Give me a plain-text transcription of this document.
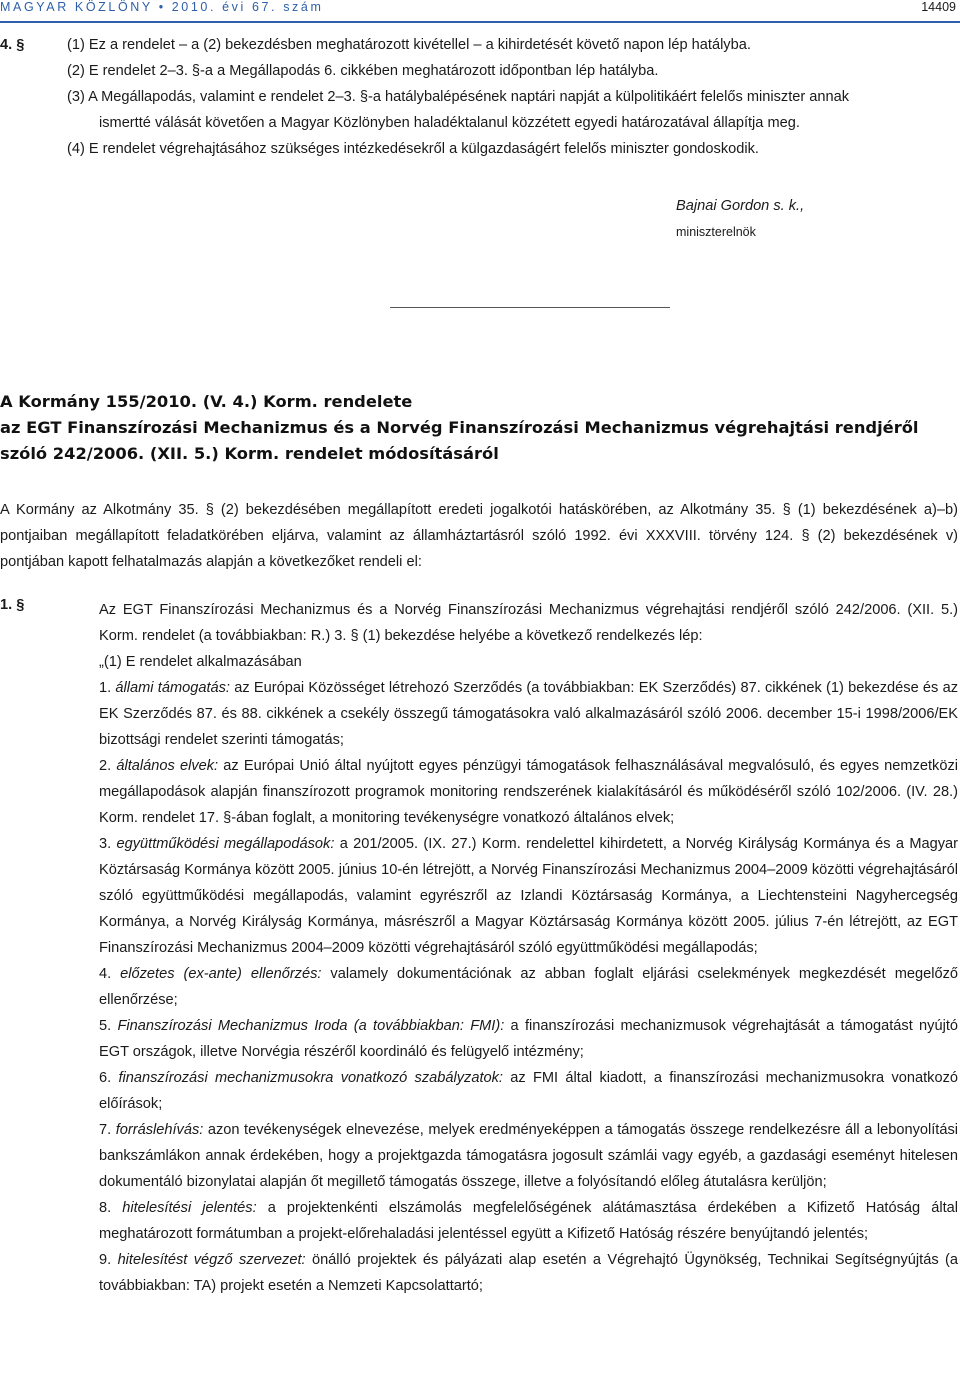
MAGYAR KÖZLÖNY • 2010. évi 67. szám	14409
4. §	(1) Ez a rendelet – a (2) bekezdésben meghatározott kivétellel – a kihirdetését követő napon lép hatályba.
(2) E rendelet 2–3. §-a a Megállapodás 6. cikkében meghatározott időpontban lép hatályba.
(3) A Megállapodás, valamint e rendelet 2–3. §-a hatálybalépésének naptári napját a külpolitikáért felelős miniszter annak
ismertté válását követően a Magyar Közlönyben haladéktalanul közzétett egyedi határozatával állapítja meg.
(4) E rendelet végrehajtásához szükséges intézkedésekről a külgazdaságért felelős miniszter gondoskodik.
Bajnai Gordon s. k.,
miniszterelnök
A Kormány 155/2010. (V. 4.) Korm. rendelete
az EGT Finanszírozási Mechanizmus és a Norvég Finanszírozási Mechanizmus végrehajtási rendjéről
szóló 242/2006. (XII. 5.) Korm. rendelet módosításáról

A Kormány az Alkotmány 35. § (2) bekezdésében megállapított eredeti jogalkotói hatáskörében, az Alkotmány 35. § (1) bekezdésének a)–b) pontjaiban megállapított feladatkörében eljárva, valamint az államháztartásról szóló 1992. évi XXXVIII. törvény 124. § (2) bekezdésének v) pontjában kapott felhatalmazás alapján a következőket rendeli el:

1. §	Az EGT Finanszírozási Mechanizmus és a Norvég Finanszírozási Mechanizmus végrehajtási rendjéről szóló 242/2006. (XII. 5.) Korm. rendelet (a továbbiakban: R.) 3. § (1) bekezdése helyébe a következő rendelkezés lép:

„(1) E rendelet alkalmazásában

1. állami támogatás: az Európai Közösséget létrehozó Szerződés (a továbbiakban: EK Szerződés) 87. cikkének (1) bekezdése és az EK Szerződés 87. és 88. cikkének a csekély összegű támogatásokra való alkalmazásáról szóló 2006. december 15-i 1998/2006/EK bizottsági rendelet szerinti támogatás;

2. általános elvek: az Európai Unió által nyújtott egyes pénzügyi támogatások felhasználásával megvalósuló, és egyes nemzetközi megállapodások alapján finanszírozott programok monitoring rendszerének kialakításáról és működéséről szóló 102/2006. (IV. 28.) Korm. rendelet 17. §-ában foglalt, a monitoring tevékenységre vonatkozó általános elvek;

3. együttműködési megállapodások: a 201/2005. (IX. 27.) Korm. rendelettel kihirdetett, a Norvég Királyság Kormánya és a Magyar Köztársaság Kormánya között 2005. június 10-én létrejött, a Norvég Finanszírozási Mechanizmus 2004–2009 közötti végrehajtásáról szóló együttműködési megállapodás, valamint egyrészről az Izlandi Köztársaság Kormánya, a Liechtensteini Nagyhercegség Kormánya, a Norvég Királyság Kormánya, másrészről a Magyar Köztársaság Kormánya között 2005. július 7-én létrejött, az EGT Finanszírozási Mechanizmus 2004–2009 közötti végrehajtásáról szóló együttműködési megállapodás;

4. előzetes (ex-ante) ellenőrzés: valamely dokumentációnak az abban foglalt eljárási cselekmények megkezdését megelőző ellenőrzése;

5. Finanszírozási Mechanizmus Iroda (a továbbiakban: FMI): a finanszírozási mechanizmusok végrehajtását a támogatást nyújtó EGT országok, illetve Norvégia részéről koordináló és felügyelő intézmény;

6. finanszírozási mechanizmusokra vonatkozó szabályzatok: az FMI által kiadott, a finanszírozási mechanizmusokra vonatkozó előírások;

7. forráslehívás: azon tevékenységek elnevezése, melyek eredményeképpen a támogatás összege rendelkezésre áll a lebonyolítási bankszámlákon annak érdekében, hogy a projektgazda támogatásra jogosult számlái vagy egyéb, a gazdasági eseményt hitelesen dokumentáló bizonylatai alapján őt megillető támogatás összege, illetve a folyósítandó előleg átutalásra kerüljön;

8. hitelesítési jelentés: a projektenkénti elszámolás megfelelőségének alátámasztása érdekében a Kifizető Hatóság által meghatározott formátumban a projekt-előrehaladási jelentéssel együtt a Kifizető Hatóság részére benyújtandó jelentés;

9. hitelesítést végző szervezet: önálló projektek és pályázati alap esetén a Végrehajtó Ügynökség, Technikai Segítségnyújtás (a továbbiakban: TA) projekt esetén a Nemzeti Kapcsolattartó;
